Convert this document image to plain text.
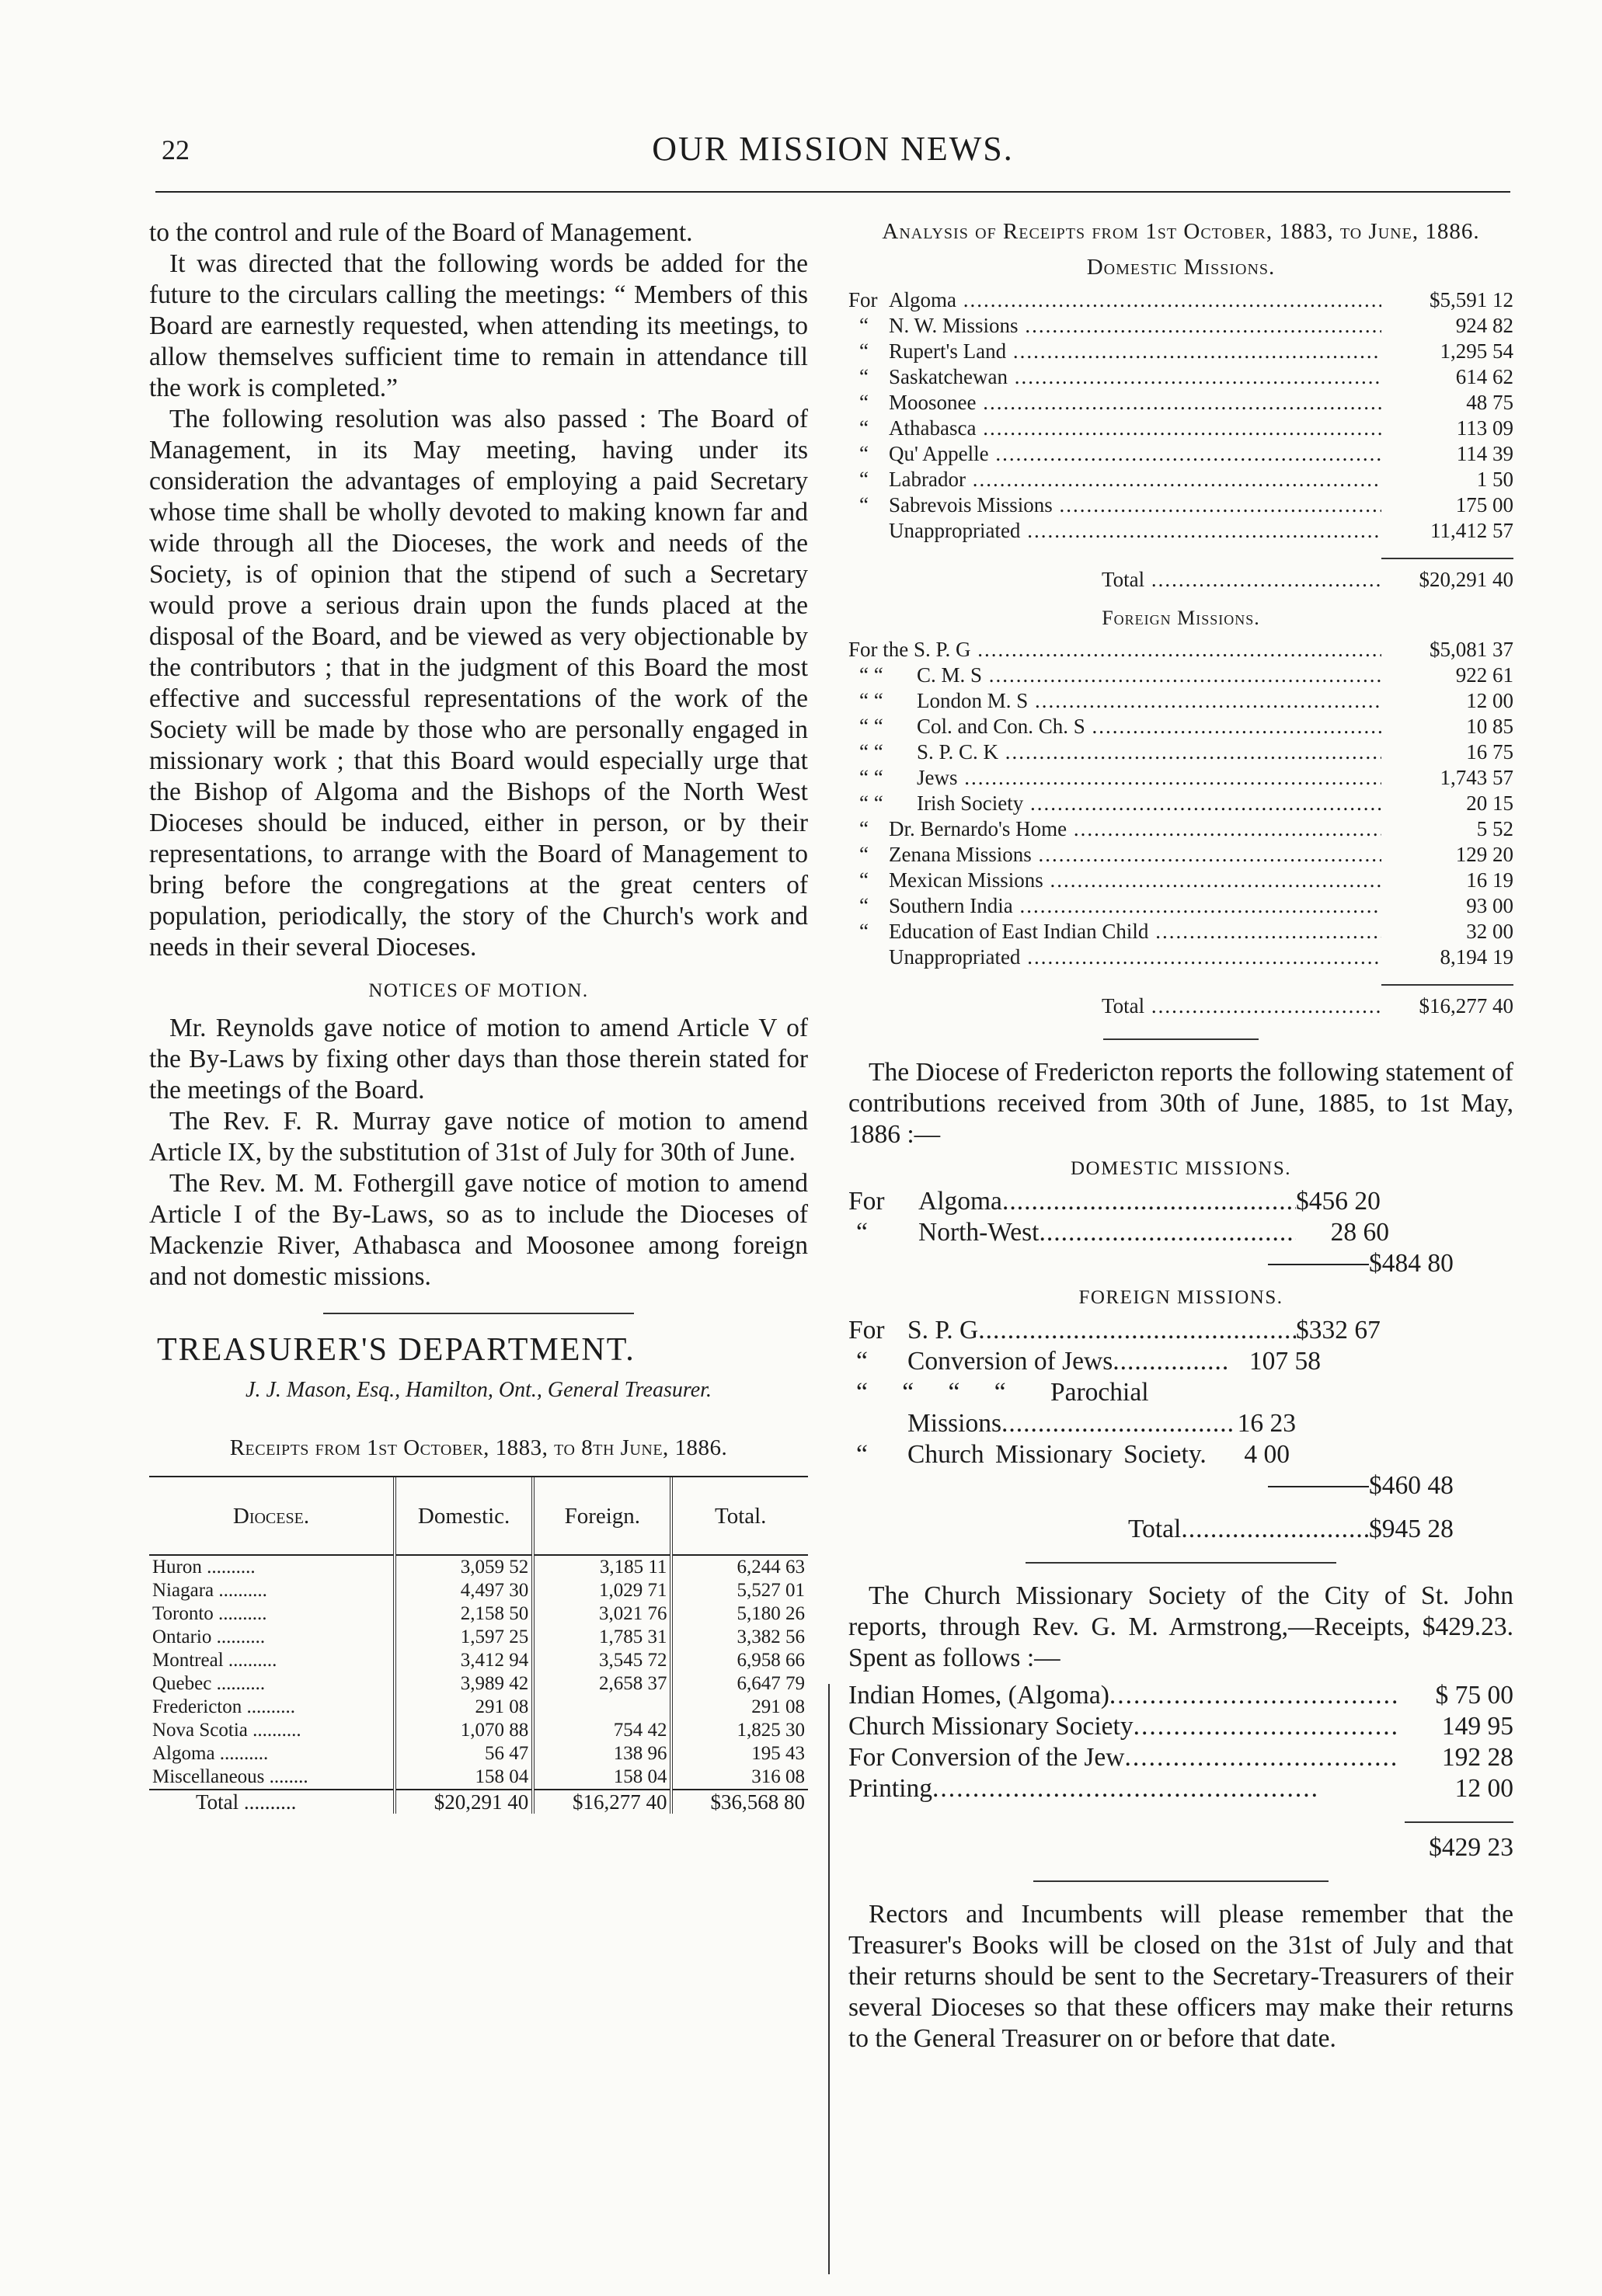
22	OUR MISSION NEWS.

to the control and rule of the Board of Management.

It was directed that the following words be added for the future to the circulars calling the meetings: “ Members of this Board are earnestly requested, when attending its meetings, to allow themselves sufficient time to remain in attendance till the work is completed.”

The following resolution was also passed : The Board of Management, in its May meeting, having under its consideration the advantages of employing a paid Secretary whose time shall be wholly devoted to making known far and wide through all the Dioceses, the work and needs of the Society, is of opinion that the stipend of such a Secretary would prove a serious drain upon the funds placed at the disposal of the Board, and be viewed as very objectionable by the contributors ; that in the judgment of this Board the most effective and successful representations of the work of the Society will be made by those who are personally engaged in missionary work ; that this Board would especially urge that the Bishop of Algoma and the Bishops of the North West Dioceses should be induced, either in person, or by their representations, to arrange with the Board of Management to bring before the congregations at the great centers of population, periodically, the story of the Church's work and needs in their several Dioceses.

NOTICES OF MOTION.

Mr. Reynolds gave notice of motion to amend Article V of the By-Laws by fixing other days than those therein stated for the meetings of the Board.

The Rev. F. R. Murray gave notice of motion to amend Article IX, by the substitution of 31st of July for 30th of June.

The Rev. M. M. Fothergill gave notice of motion to amend Article I of the By-Laws, so as to include the Dioceses of Mackenzie River, Athabasca and Moosonee among foreign and not domestic missions.

TREASURER'S DEPARTMENT.
J. J. Mason, Esq., Hamilton, Ont., General Treasurer.
Receipts from 1st October, 1883, to 8th June, 1886.
Diocese.	Domestic.	Foreign.	Total.
Huron ..........	3,059 52	3,185 11	6,244 63
Niagara ..........	4,497 30	1,029 71	5,527 01
Toronto ..........	2,158 50	3,021 76	5,180 26
Ontario ..........	1,597 25	1,785 31	3,382 56
Montreal ..........	3,412 94	3,545 72	6,958 66
Quebec ..........	3,989 42	2,658 37	6,647 79
Fredericton ..........	291 08		291 08
Nova Scotia ..........	1,070 88	754 42	1,825 30
Algoma ..........	56 47	138 96	195 43
Miscellaneous ........	158 04	158 04	316 08
Total ..........	$20,291 40	$16,277 40	$36,568 80
Analysis of Receipts from 1st October, 1883, to June, 1886.
Domestic Missions.
For Algoma .....	$5,591 12
“ N. W. Missions .....	924 82
“ Rupert's Land .....	1,295 54
“ Saskatchewan .....	614 62
“ Moosonee .....	48 75
“ Athabasca .....	113 09
“ Qu' Appelle .....	114 39
“ Labrador .....	1 50
“ Sabrevois Missions .....	175 00
Unappropriated .....	11,412 57
Total .....	$20,291 40
Foreign Missions.
For the S. P. G .....	$5,081 37
“ “ C. M. S .....	922 61
“ “ London M. S .....	12 00
“ “ Col. and Con. Ch. S .....	10 85
“ “ S. P. C. K .....	16 75
“ “ Jews .....	1,743 57
“ “ Irish Society .....	20 15
“ Dr. Bernardo's Home .....	5 52
“ Zenana Missions .....	129 20
“ Mexican Missions .....	16 19
“ Southern India .....	93 00
“ Education of East Indian Child .....	32 00
Unappropriated .....	8,194 19
Total .....	$16,277 40

The Diocese of Fredericton reports the following statement of contributions received from 30th of June, 1885, to 1st May, 1886 :—

DOMESTIC MISSIONS.
For	Algoma .....	$456 20
“	North-West .....	28 60
$484 80
FOREIGN MISSIONS.
For S. P. G .....	$332 67
“	Conversion of Jews .....	107 58
“ “ “ “	Parochial
Missions .....	16 23
“	Church Missionary Society.	4 00
$460 48
Total .....	$945 28

The Church Missionary Society of the City of St. John reports, through Rev. G. M. Armstrong,—Receipts, $429.23. Spent as follows :—

Indian Homes, (Algoma) .....	$ 75 00
Church Missionary Society .....	149 95
For Conversion of the Jew .....	192 28
Printing .....	12 00
$429 23

Rectors and Incumbents will please remember that the Treasurer's Books will be closed on the 31st of July and that their returns should be sent to the Secretary-Treasurers of their several Dioceses so that these officers may make their returns to the General Treasurer on or before that date.
